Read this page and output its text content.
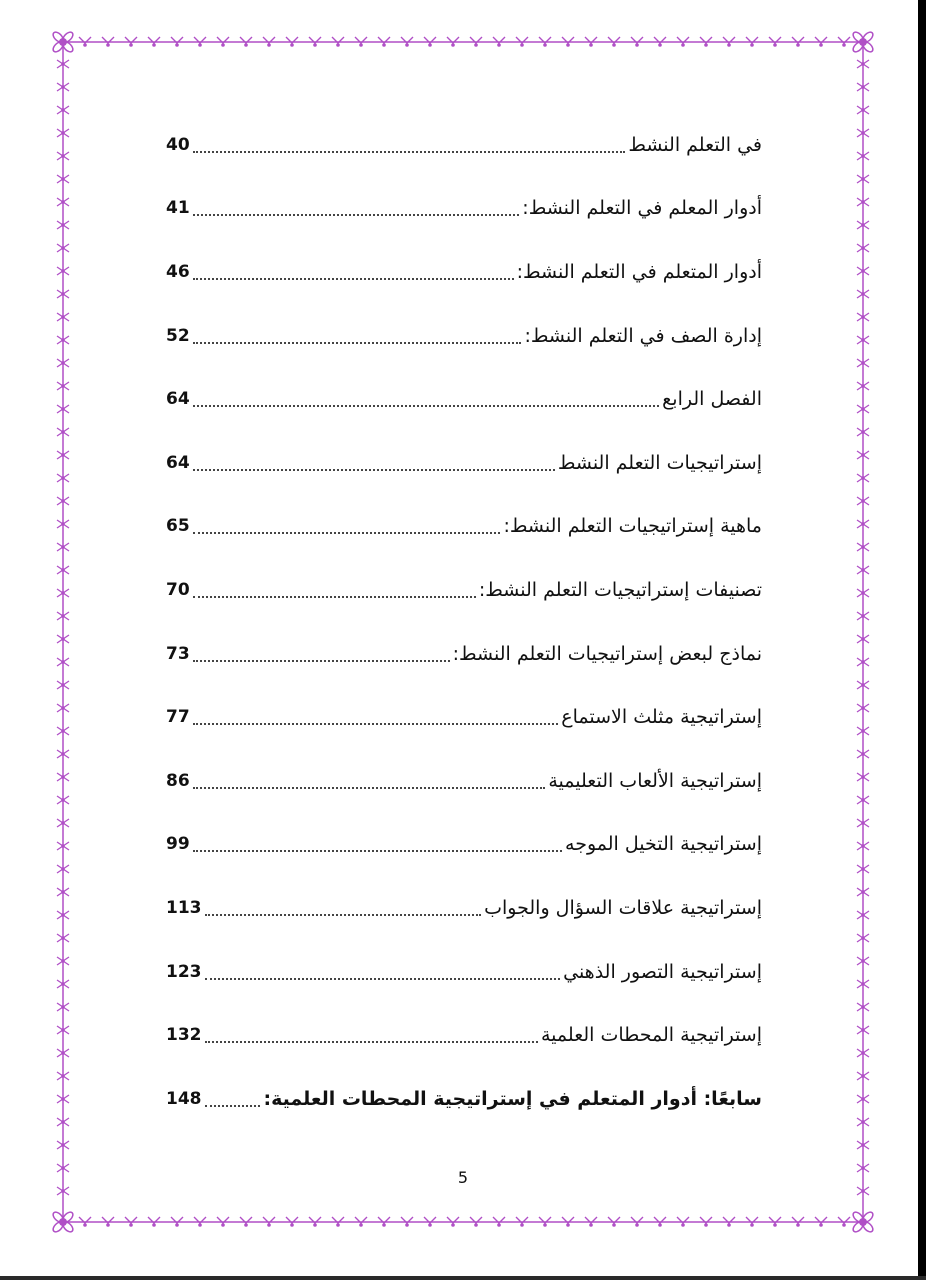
في التعلم النشط
40
أدوار المعلم في التعلم النشط:
41
أدوار المتعلم في التعلم النشط:
46
إدارة الصف في التعلم النشط:
52
الفصل الرابع
64
إستراتيجيات التعلم النشط
64
ماهية إستراتيجيات التعلم النشط:
65
تصنيفات إستراتيجيات التعلم النشط:
70
نماذج لبعض إستراتيجيات التعلم النشط:
73
إستراتيجية مثلث الاستماع
77
إستراتيجية الألعاب التعليمية
86
إستراتيجية التخيل الموجه
99
إستراتيجية علاقات السؤال والجواب
113
إستراتيجية التصور الذهني
123
إستراتيجية المحطات العلمية
132
سابعًا: أدوار المتعلم في إستراتيجية المحطات العلمية:
148
5
